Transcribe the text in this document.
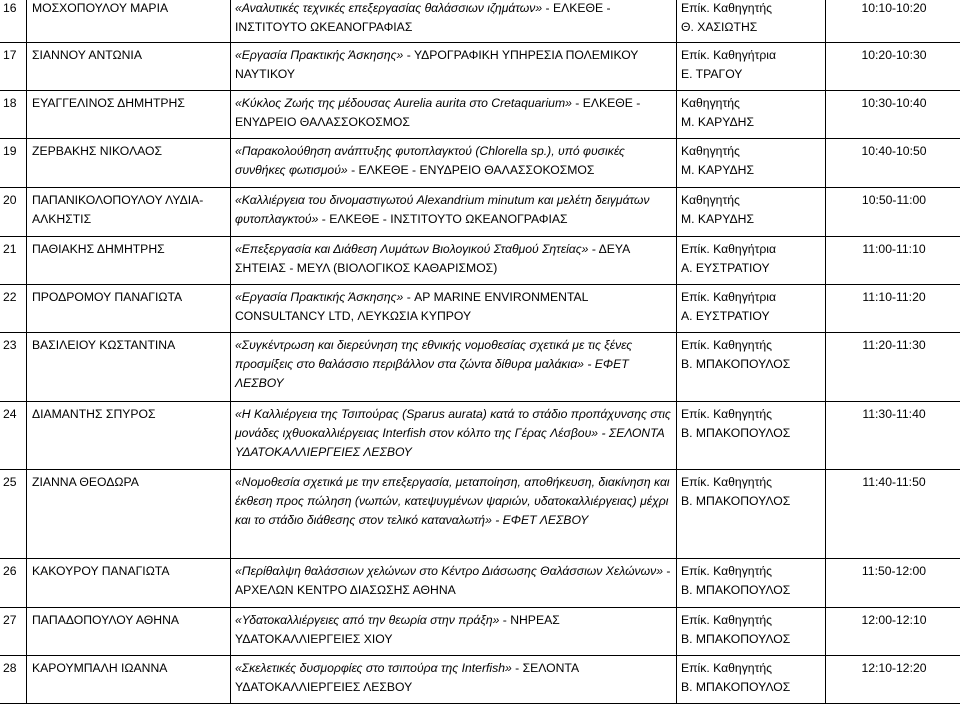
16	ΜΟΣΧΟΠΟΥΛΟΥ ΜΑΡΙΑ	«Αναλυτικές τεχνικές επεξεργασίας θαλάσσιων ιζημάτων» - ΕΛΚΕΘΕ - ΙΝΣΤΙΤΟΥΤΟ ΩΚΕΑΝΟΓΡΑΦΙΑΣ	Επίκ. Καθηγητής
Θ. ΧΑΣΙΩΤΗΣ	10:10-10:20
17	ΣΙΑΝΝΟΥ ΑΝΤΩΝΙΑ	«Εργασία Πρακτικής Άσκησης» - ΥΔΡΟΓΡΑΦΙΚΗ ΥΠΗΡΕΣΙΑ ΠΟΛΕΜΙΚΟΥ ΝΑΥΤΙΚΟΥ	Επίκ. Καθηγήτρια
Ε. ΤΡΑΓΟΥ	10:20-10:30
18	ΕΥΑΓΓΕΛΙΝΟΣ ΔΗΜΗΤΡΗΣ	«Κύκλος Ζωής της μέδουσας Aurelia aurita στο Cretaquarium» - ΕΛΚΕΘΕ - ΕΝΥΔΡΕΙΟ ΘΑΛΑΣΣΟΚΟΣΜΟΣ	Καθηγητής
Μ. ΚΑΡΥΔΗΣ	10:30-10:40
19	ΖΕΡΒΑΚΗΣ ΝΙΚΟΛΑΟΣ	«Παρακολούθηση ανάπτυξης φυτοπλαγκτού (Chlorella sp.), υπό φυσικές συνθήκες φωτισμού» - ΕΛΚΕΘΕ - ΕΝΥΔΡΕΙΟ ΘΑΛΑΣΣΟΚΟΣΜΟΣ	Καθηγητής
Μ. ΚΑΡΥΔΗΣ	10:40-10:50
20	ΠΑΠΑΝΙΚΟΛΟΠΟΥΛΟΥ ΛΥΔΙΑ-ΑΛΚΗΣΤΙΣ	«Καλλιέργεια του δινομαστιγωτού Alexandrium minutum και μελέτη δειγμάτων φυτοπλαγκτού» - ΕΛΚΕΘΕ - ΙΝΣΤΙΤΟΥΤΟ ΩΚΕΑΝΟΓΡΑΦΙΑΣ	Καθηγητής
Μ. ΚΑΡΥΔΗΣ	10:50-11:00
21	ΠΑΘΙΑΚΗΣ ΔΗΜΗΤΡΗΣ	«Επεξεργασία και Διάθεση Λυμάτων Βιολογικού Σταθμού Σητείας» - ΔΕΥΑ ΣΗΤΕΙΑΣ - ΜΕΥΛ (ΒΙΟΛΟΓΙΚΟΣ ΚΑΘΑΡΙΣΜΟΣ)	Επίκ. Καθηγήτρια
Α. ΕΥΣΤΡΑΤΙΟΥ	11:00-11:10
22	ΠΡΟΔΡΟΜΟΥ ΠΑΝΑΓΙΩΤΑ	«Εργασία Πρακτικής Άσκησης» - AP MARINE ENVIRONMENTAL CONSULTANCY LTD, ΛΕΥΚΩΣΙΑ ΚΥΠΡΟΥ	Επίκ. Καθηγήτρια
Α. ΕΥΣΤΡΑΤΙΟΥ	11:10-11:20
23	ΒΑΣΙΛΕΙΟΥ ΚΩΣΤΑΝΤΙΝΑ	«Συγκέντρωση και διερεύνηση της εθνικής νομοθεσίας σχετικά με τις ξένες προσμίξεις στο θαλάσσιο περιβάλλον στα ζώντα δίθυρα μαλάκια» - ΕΦΕΤ ΛΕΣΒΟΥ	Επίκ. Καθηγητής
Β. ΜΠΑΚΟΠΟΥΛΟΣ	11:20-11:30
24	ΔΙΑΜΑΝΤΗΣ ΣΠΥΡΟΣ	«Η Καλλιέργεια της Τσιπούρας (Sparus aurata) κατά το στάδιο προπάχυνσης στις μονάδες ιχθυοκαλλιέργειας Interfish στον κόλπο της Γέρας Λέσβου» - ΣΕΛΟΝΤΑ ΥΔΑΤΟΚΑΛΛΙΕΡΓΕΙΕΣ ΛΕΣΒΟΥ	Επίκ. Καθηγητής
Β. ΜΠΑΚΟΠΟΥΛΟΣ	11:30-11:40
25	ΖΙΑΝΝΑ ΘΕΟΔΩΡΑ	«Νομοθεσία σχετικά με την επεξεργασία, μεταποίηση, αποθήκευση, διακίνηση και έκθεση προς πώληση (νωπών, κατεψυγμένων ψαριών, υδατοκαλλιέργειας) μέχρι και το στάδιο διάθεσης στον τελικό καταναλωτή» - ΕΦΕΤ ΛΕΣΒΟΥ	Επίκ. Καθηγητής
Β. ΜΠΑΚΟΠΟΥΛΟΣ	11:40-11:50
26	ΚΑΚΟΥΡΟΥ ΠΑΝΑΓΙΩΤΑ	«Περίθαλψη θαλάσσιων χελώνων στο Κέντρο Διάσωσης Θαλάσσιων Χελώνων» - ΑΡΧΕΛΩΝ ΚΕΝΤΡΟ ΔΙΑΣΩΣΗΣ ΑΘΗΝΑ	Επίκ. Καθηγητής
Β. ΜΠΑΚΟΠΟΥΛΟΣ	11:50-12:00
27	ΠΑΠΑΔΟΠΟΥΛΟΥ ΑΘΗΝΑ	«Υδατοκαλλιέργειες από την θεωρία στην πράξη» - ΝΗΡΕΑΣ ΥΔΑΤΟΚΑΛΛΙΕΡΓΕΙΕΣ ΧΙΟΥ	Επίκ. Καθηγητής
Β. ΜΠΑΚΟΠΟΥΛΟΣ	12:00-12:10
28	ΚΑΡΟΥΜΠΑΛΗ ΙΩΑΝΝΑ	«Σκελετικές δυσμορφίες στο τσιπούρα της Interfish» - ΣΕΛΟΝΤΑ ΥΔΑΤΟΚΑΛΛΙΕΡΓΕΙΕΣ ΛΕΣΒΟΥ	Επίκ. Καθηγητής
Β. ΜΠΑΚΟΠΟΥΛΟΣ	12:10-12:20
